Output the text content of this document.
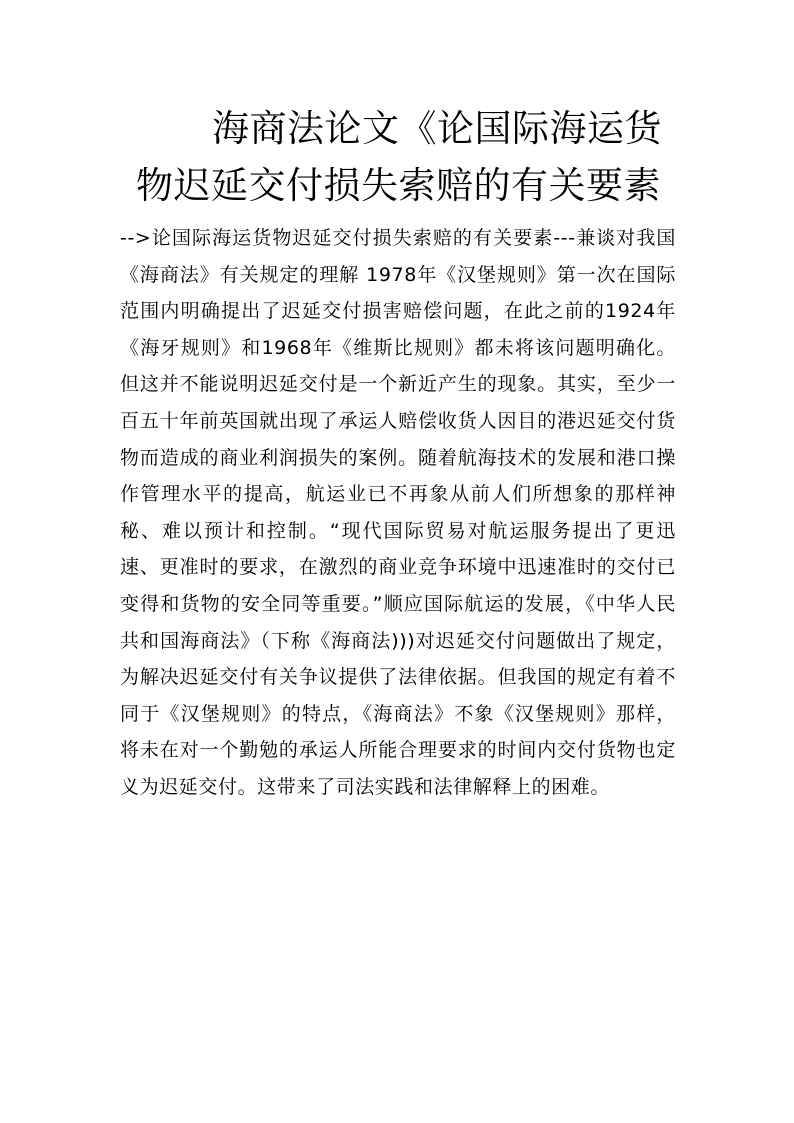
海商法论文《论国际海运货
物迟延交付损失索赔的有关要素

-->论国际海运货物迟延交付损失索赔的有关要素---兼谈对我国《海商法》有关规定的理解 1978年《汉堡规则》第一次在国际范围内明确提出了迟延交付损害赔偿问题，在此之前的1924年《海牙规则》和1968年《维斯比规则》都未将该问题明确化。但这并不能说明迟延交付是一个新近产生的现象。其实，至少一百五十年前英国就出现了承运人赔偿收货人因目的港迟延交付货物而造成的商业利润损失的案例。随着航海技术的发展和港口操作管理水平的提高，航运业已不再象从前人们所想象的那样神秘、难以预计和控制。“现代国际贸易对航运服务提出了更迅速、更准时的要求，在激烈的商业竞争环境中迅速准时的交付已变得和货物的安全同等重要。”顺应国际航运的发展，《中华人民共和国海商法》（下称《海商法)))对迟延交付问题做出了规定，为解决迟延交付有关争议提供了法律依据。但我国的规定有着不同于《汉堡规则》的特点，《海商法》不象《汉堡规则》那样，将未在对一个勤勉的承运人所能合理要求的时间内交付货物也定义为迟延交付。这带来了司法实践和法律解释上的困难。
